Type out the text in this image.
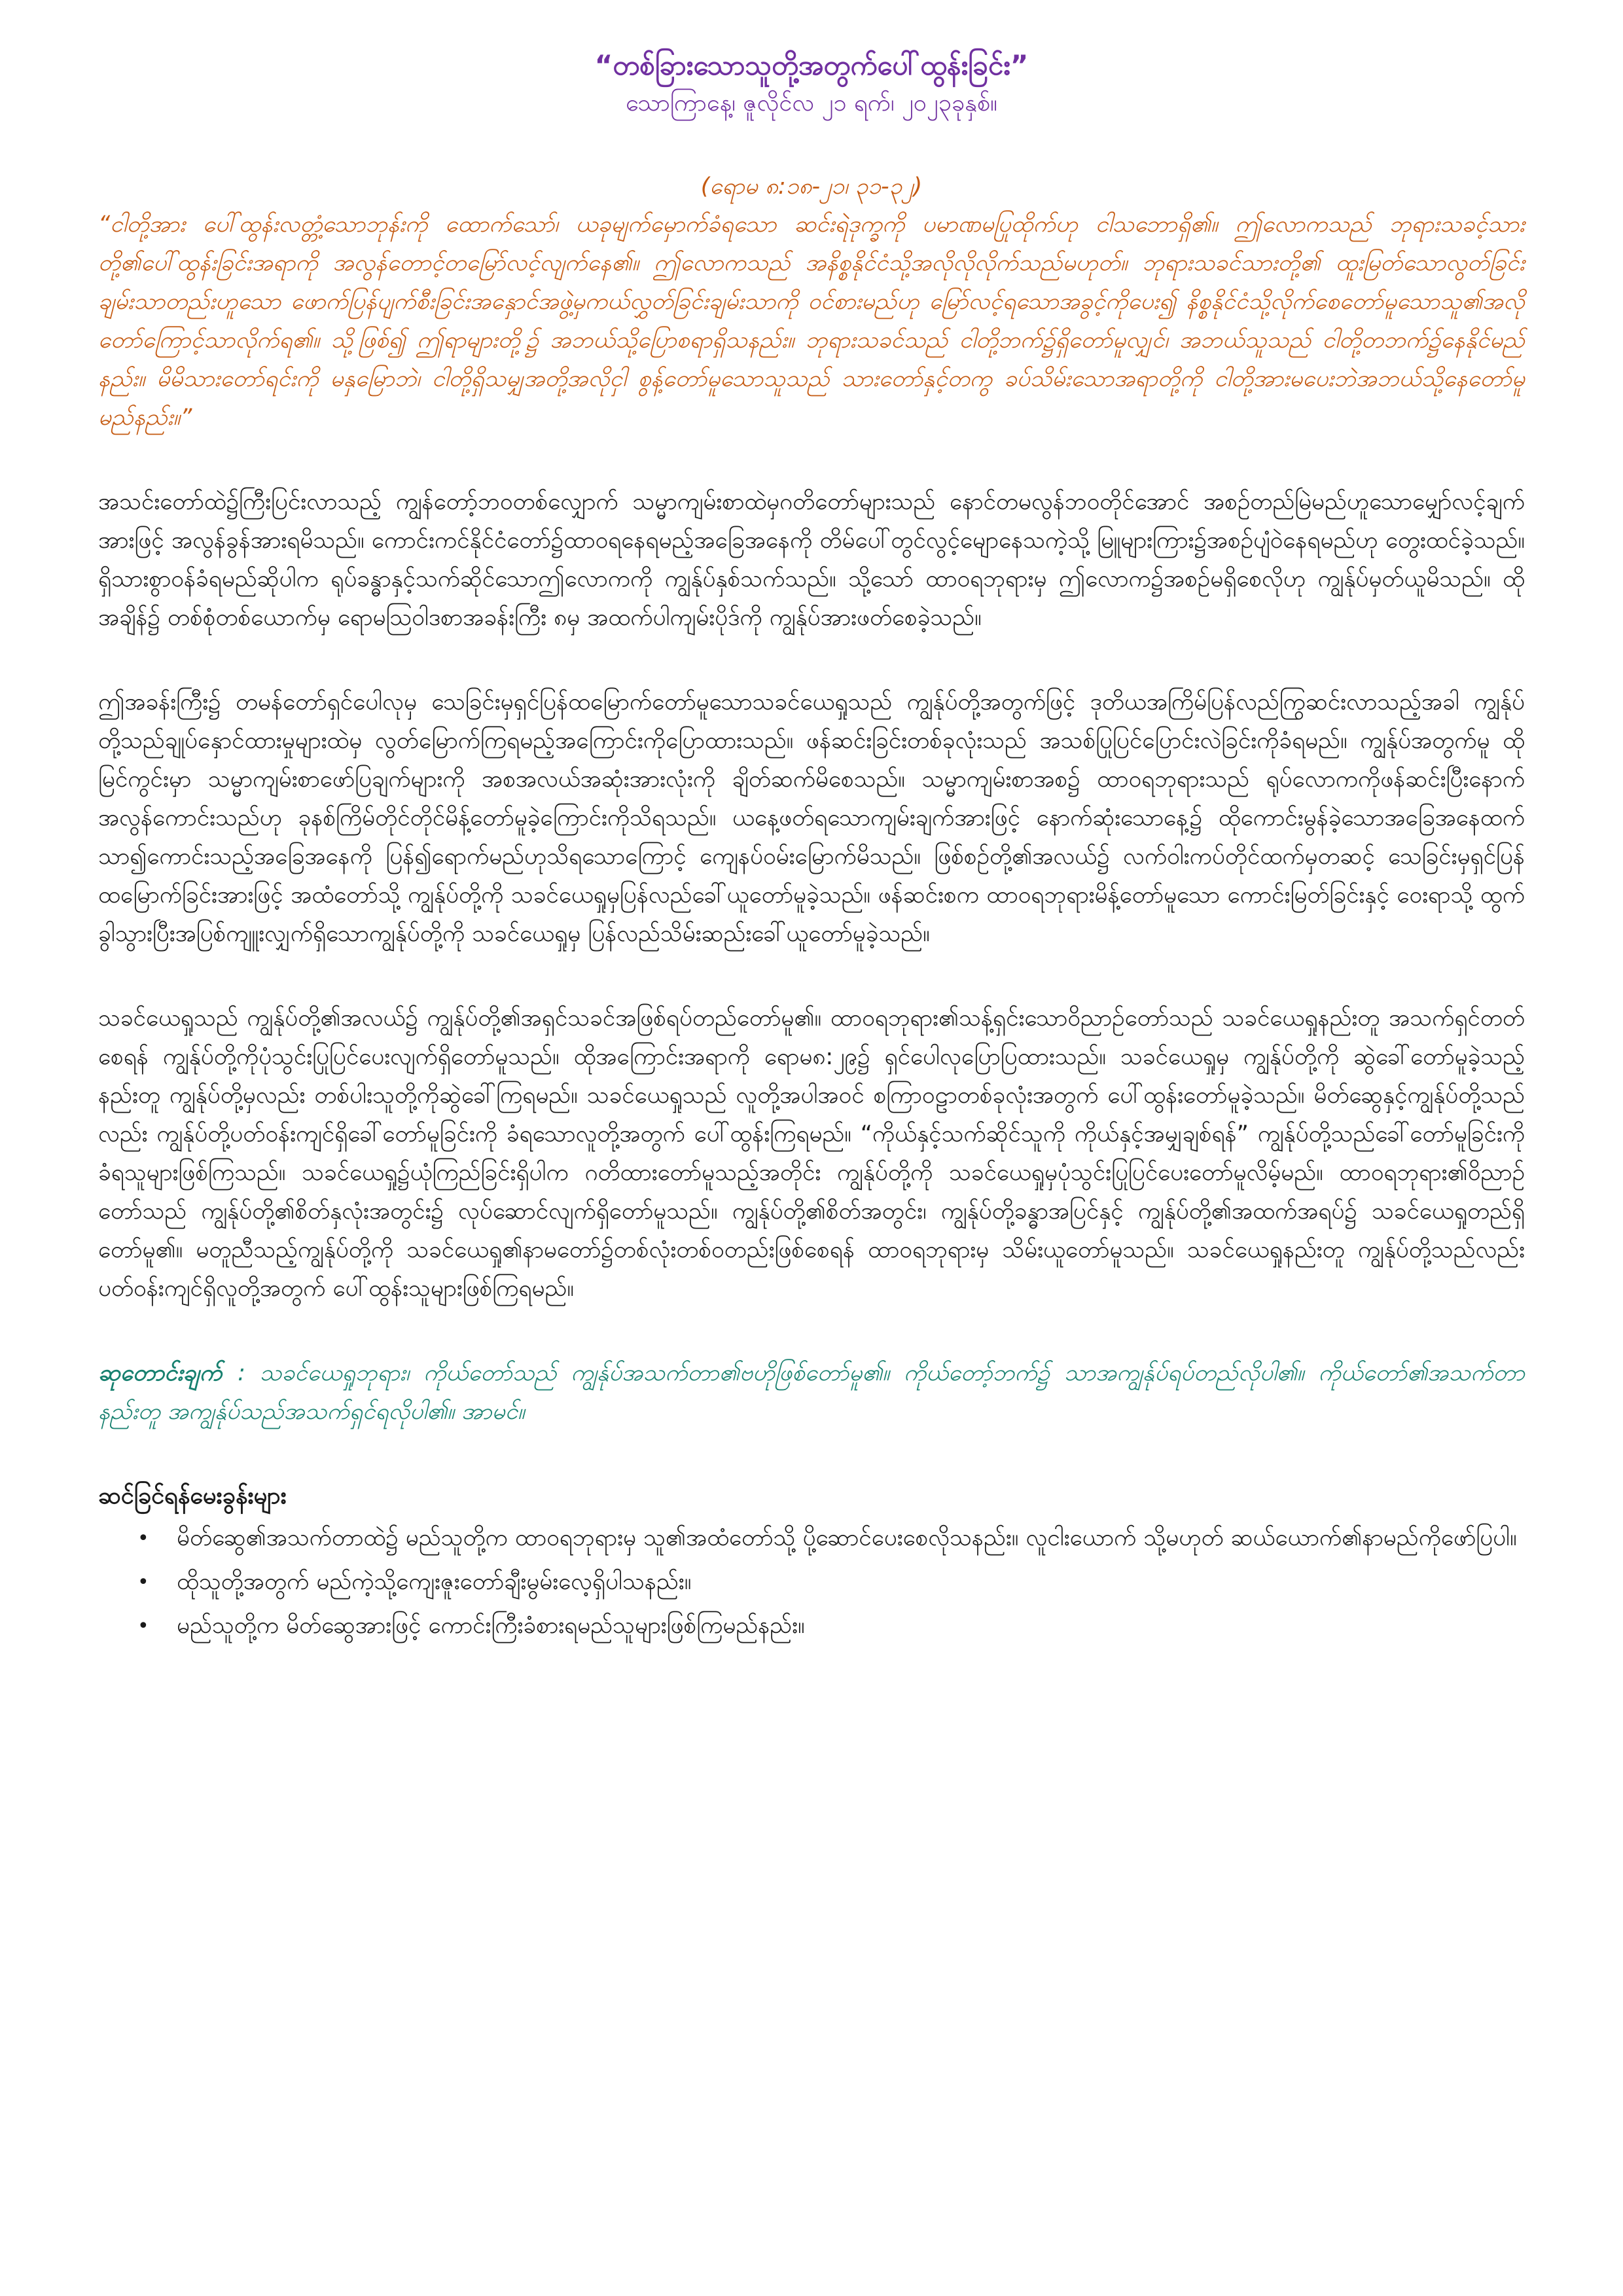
“တစ်ခြားသောသူတို့အတွက်ပေါ်ထွန်းခြင်း”

သောကြာနေ့၊ ဇူလိုင်လ ၂၁ ရက်၊ ၂၀၂၃ခုနှစ်။

(ရောမ ၈:၁၈-၂၁၊ ၃၁-၃၂)

“ငါတို့အား ပေါ်ထွန်းလတ္တံ့သောဘုန်းကို ထောက်သော်၊ ယခုမျက်မှောက်ခံရသော ဆင်းရဲဒုက္ခကို ပမာဏမပြုထိုက်ဟု ငါသဘောရှိ၏။ ဤလောကသည် ဘုရားသခင့်သားတို့၏ပေါ်ထွန်းခြင်းအရာကို အလွန်တောင့်တမြော်လင့်လျက်နေ၏။ ဤလောကသည် အနိစ္စနိုင်ငံသို့အလိုလိုလိုက်သည်မဟုတ်။ ဘုရားသခင်သားတို့၏ ထူးမြတ်သောလွတ်ခြင်းချမ်းသာတည်းဟူသော ဖောက်ပြန်ပျက်စီးခြင်းအနှောင်အဖွဲ့မှကယ်လွှတ်ခြင်းချမ်းသာကို ဝင်စားမည်ဟု မြော်လင့်ရသောအခွင့်ကိုပေး၍ နိစ္စနိုင်ငံသို့လိုက်စေတော်မူသောသူ၏အလိုတော်ကြောင့်သာလိုက်ရ၏။ သို့ဖြစ်၍ ဤရာများတို့၌ အဘယ်သို့ပြောစရာရှိသနည်း။ ဘုရားသခင်သည် ငါတို့ဘက်၌ရှိတော်မူလျှင်၊ အဘယ်သူသည် ငါတို့တဘက်၌နေနိုင်မည်နည်း။ မိမိသားတော်ရင်းကို မနှမြောဘဲ၊ ငါတို့ရှိသမျှအတို့အလိုငှါ စွန့်တော်မူသောသူသည် သားတော်နှင့်တကွ ခပ်သိမ်းသောအရာတို့ကို ငါတို့အားမပေးဘဲအဘယ်သို့နေတော်မူမည်နည်း။”

အသင်းတော်ထဲ၌ကြီးပြင်းလာသည့် ကျွန်တော့်ဘဝတစ်လျှောက် သမ္မာကျမ်းစာထဲမှဂတိတော်များသည် နောင်တမလွန်ဘဝတိုင်အောင် အစဉ်တည်မြဲမည်ဟူသောမျှော်လင့်ချက်အားဖြင့် အလွန်ခွန်အားရမိသည်။ ကောင်းကင်နိုင်ငံတော်၌ထာဝရနေရမည့်အခြေအနေကို တိမ်ပေါ်တွင်လွင့်မျောနေသကဲ့သို့ မြူများကြား၌အစဉ်ပျံဝဲနေရမည်ဟု တွေးထင်ခဲ့သည်။ ရှိသားစွာဝန်ခံရမည်ဆိုပါက ရုပ်ခန္ဓာနှင့်သက်ဆိုင်သောဤလောကကို ကျွန်ုပ်နှစ်သက်သည်။ သို့သော် ထာဝရဘုရားမှ ဤလောက၌အစဉ်မရှိစေလိုဟု ကျွန်ုပ်မှတ်ယူမိသည်။ ထိုအချိန်၌ တစ်စုံတစ်ယောက်မှ ရောမသြဝါဒစာအခန်းကြီး ၈မှ အထက်ပါကျမ်းပိုဒ်ကို ကျွန်ုပ်အားဖတ်စေခဲ့သည်။

ဤအခန်းကြီး၌ တမန်တော်ရှင်ပေါလုမှ သေခြင်းမှရှင်ပြန်ထမြောက်တော်မူသောသခင်ယေရှုသည် ကျွန်ုပ်တို့အတွက်ဖြင့် ဒုတိယအကြိမ်ပြန်လည်ကြွဆင်းလာသည့်အခါ ကျွန်ုပ်တို့သည်ချုပ်နှောင်ထားမှုများထဲမှ လွတ်မြောက်ကြရမည့်အကြောင်းကိုပြောထားသည်။ ဖန်ဆင်းခြင်းတစ်ခုလုံးသည် အသစ်ပြုပြင်ပြောင်းလဲခြင်းကိုခံရမည်။ ကျွန်ုပ်အတွက်မူ ထိုမြင်ကွင်းမှာ သမ္မာကျမ်းစာဖော်ပြချက်များကို အစအလယ်အဆုံးအားလုံးကို ချိတ်ဆက်မိစေသည်။ သမ္မာကျမ်းစာအစ၌ ထာဝရဘုရားသည် ရုပ်လောကကိုဖန်ဆင်းပြီးနောက် အလွန်ကောင်းသည်ဟု ခုနစ်ကြိမ်တိုင်တိုင်မိန့်တော်မူခဲ့ကြောင်းကိုသိရသည်။ ယနေ့ဖတ်ရသောကျမ်းချက်အားဖြင့် နောက်ဆုံးသောနေ့၌ ထိုကောင်းမွန်ခဲ့သောအခြေအနေထက်သာ၍ကောင်းသည့်အခြေအနေကို ပြန်၍ရောက်မည်ဟုသိရသောကြောင့် ကျေနပ်ဝမ်းမြောက်မိသည်။ ဖြစ်စဉ်တို့၏အလယ်၌ လက်ဝါးကပ်တိုင်ထက်မှတဆင့် သေခြင်းမှရှင်ပြန်ထမြောက်ခြင်းအားဖြင့် အထံတော်သို့ ကျွန်ုပ်တို့ကို သခင်ယေရှုမှပြန်လည်ခေါ်ယူတော်မူခဲ့သည်။ ဖန်ဆင်းစက ထာဝရဘုရားမိန့်တော်မူသော ကောင်းမြတ်ခြင်းနှင့် ဝေးရာသို့ ထွက်ခွါသွားပြီးအပြစ်ကျူးလျှက်ရှိသောကျွန်ုပ်တို့ကို သခင်ယေရှုမှ ပြန်လည်သိမ်းဆည်းခေါ်ယူတော်မူခဲ့သည်။

သခင်ယေရှုသည် ကျွန်ုပ်တို့၏အလယ်၌ ကျွန်ုပ်တို့၏အရှင်သခင်အဖြစ်ရပ်တည်တော်မူ၏။ ထာဝရဘုရား၏သန့်ရှင်းသောဝိညာဉ်တော်သည် သခင်ယေရှုနည်းတူ အသက်ရှင်တတ်စေရန် ကျွန်ုပ်တို့ကိုပုံသွင်းပြုပြင်ပေးလျက်ရှိတော်မူသည်။ ထိုအကြောင်းအရာကို ရောမ၈:၂၉၌ ရှင်ပေါလုပြောပြထားသည်။ သခင်ယေရှုမှ ကျွန်ုပ်တို့ကို ဆွဲခေါ်တော်မူခဲ့သည့်နည်းတူ ကျွန်ုပ်တို့မှလည်း တစ်ပါးသူတို့ကိုဆွဲခေါ်ကြရမည်။ သခင်ယေရှုသည် လူတို့အပါအဝင် စကြာဝဠာတစ်ခုလုံးအတွက် ပေါ်ထွန်းတော်မူခဲ့သည်။ မိတ်ဆွေနှင့်ကျွန်ုပ်တို့သည်လည်း ကျွန်ုပ်တို့ပတ်ဝန်းကျင်ရှိခေါ်တော်မူခြင်းကို ခံရသောလူတို့အတွက် ပေါ်ထွန်းကြရမည်။ “ကိုယ်နှင့်သက်ဆိုင်သူကို ကိုယ်နှင့်အမျှချစ်ရန်” ကျွန်ုပ်တို့သည်ခေါ်တော်မူခြင်းကိုခံရသူများဖြစ်ကြသည်။ သခင်ယေရှု၌ယုံကြည်ခြင်းရှိပါက ဂတိထားတော်မူသည့်အတိုင်း ကျွန်ုပ်တို့ကို သခင်ယေရှုမှပုံသွင်းပြုပြင်ပေးတော်မူလိမ့်မည်။ ထာဝရဘုရား၏ဝိညာဉ်တော်သည် ကျွန်ုပ်တို့၏စိတ်နှလုံးအတွင်း၌ လုပ်ဆောင်လျက်ရှိတော်မူသည်။ ကျွန်ုပ်တို့၏စိတ်အတွင်း၊ ကျွန်ုပ်တို့ခန္ဓာအပြင်နှင့် ကျွန်ုပ်တို့၏အထက်အရပ်၌ သခင်ယေရှုတည်ရှိတော်မူ၏။ မတူညီသည့်ကျွန်ုပ်တို့ကို သခင်ယေရှု၏နာမတော်၌တစ်လုံးတစ်ဝတည်းဖြစ်စေရန် ထာဝရဘုရားမှ သိမ်းယူတော်မူသည်။ သခင်ယေရှုနည်းတူ ကျွန်ုပ်တို့သည်လည်း ပတ်ဝန်းကျင်ရှိလူတို့အတွက် ပေါ်ထွန်းသူများဖြစ်ကြရမည်။

ဆုတောင်းချက် : သခင်ယေရှုဘုရား၊ ကိုယ်တော်သည် ကျွန်ုပ်အသက်တာ၏ဗဟိုဖြစ်တော်မူ၏။ ကိုယ်တော့်ဘက်၌ သာအကျွန်ုပ်ရပ်တည်လိုပါ၏။ ကိုယ်တော်၏အသက်တာနည်းတူ အကျွန်ုပ်သည်အသက်ရှင်ရလိုပါ၏။ အာမင်။

ဆင်ခြင်ရန်မေးခွန်းများ

• မိတ်ဆွေ၏အသက်တာထဲ၌ မည်သူတို့က ထာဝရဘုရားမှ သူ၏အထံတော်သို့ ပို့ဆောင်ပေးစေလိုသနည်း။ လူငါးယောက် သို့မဟုတ် ဆယ်ယောက်၏နာမည်ကိုဖော်ပြပါ။
• ထိုသူတို့အတွက် မည်ကဲ့သို့ကျေးဇူးတော်ချီးမွမ်းလေ့ရှိပါသနည်း။
• မည်သူတို့က မိတ်ဆွေအားဖြင့် ကောင်းကြီးခံစားရမည်သူများဖြစ်ကြမည်နည်း။
